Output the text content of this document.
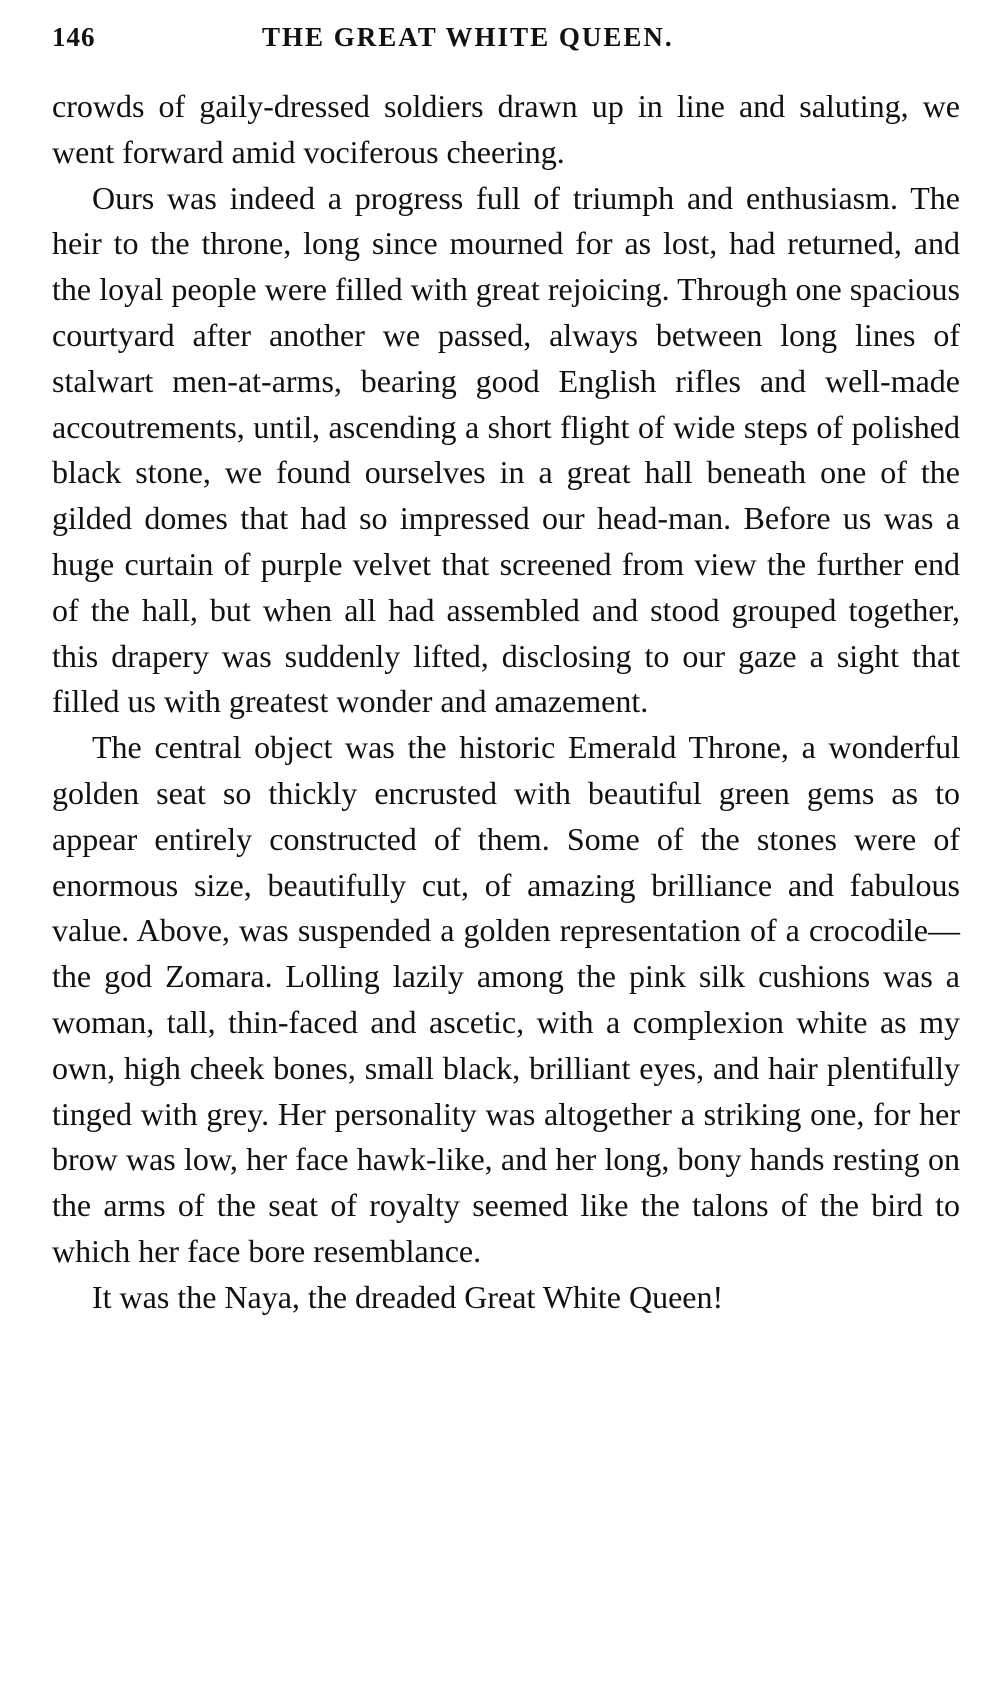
146	THE GREAT WHITE QUEEN.

crowds of gaily-dressed soldiers drawn up in line and saluting, we went forward amid vociferous cheering.

Ours was indeed a progress full of triumph and enthusiasm. The heir to the throne, long since mourned for as lost, had returned, and the loyal people were filled with great rejoicing. Through one spacious courtyard after another we passed, always between long lines of stalwart men-at-arms, bearing good English rifles and well-made accoutrements, until, ascending a short flight of wide steps of polished black stone, we found ourselves in a great hall beneath one of the gilded domes that had so impressed our head-man. Before us was a huge curtain of purple velvet that screened from view the further end of the hall, but when all had assembled and stood grouped together, this drapery was suddenly lifted, disclosing to our gaze a sight that filled us with greatest wonder and amazement.

The central object was the historic Emerald Throne, a wonderful golden seat so thickly encrusted with beautiful green gems as to appear entirely constructed of them. Some of the stones were of enormous size, beautifully cut, of amazing brilliance and fabulous value. Above, was suspended a golden representation of a crocodile—the god Zomara. Lolling lazily among the pink silk cushions was a woman, tall, thin-faced and ascetic, with a complexion white as my own, high cheek bones, small black, brilliant eyes, and hair plentifully tinged with grey. Her personality was altogether a striking one, for her brow was low, her face hawk-like, and her long, bony hands resting on the arms of the seat of royalty seemed like the talons of the bird to which her face bore resemblance.

It was the Naya, the dreaded Great White Queen!
